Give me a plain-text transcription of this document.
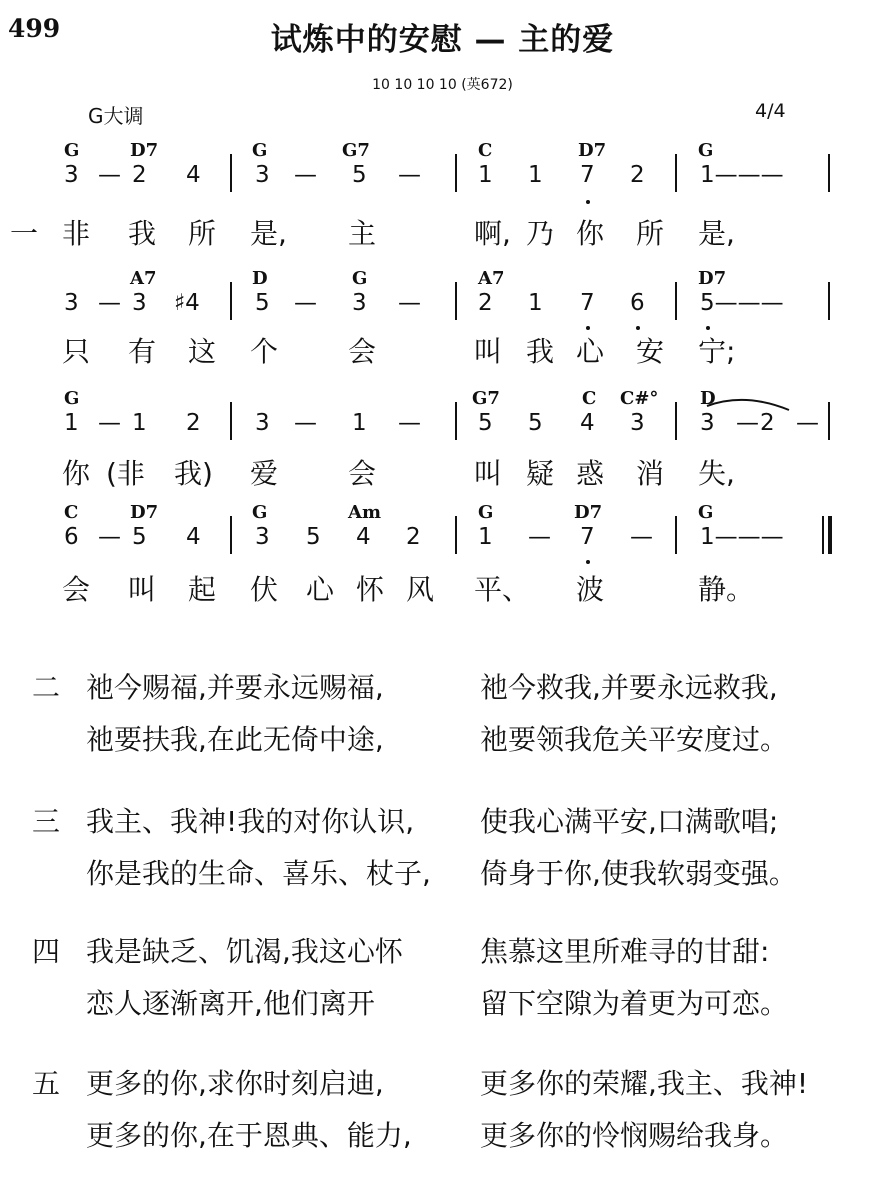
499	试炼中的安慰 — 主的爱
10 10 10 10 (英672)
G大调	4/4
G	D7	G	G7	C	D7	G
3 — 2 4 3 — 5 — 1 1 7 2 1———
一 非 我 所 是, 主	啊, 乃 你 所 是,
A7	D	G	A7	D7
3 — 3 ♯4 5 — 3 — 2 1 7 6 5———
只 有 这 个 会	叫 我 心 安 宁;
G	G7	C C#° D
1 — 1 2 3 — 1 — 5 5 4 3 3 — 2 —
你 (非 我) 爱 会	叫 疑 惑 消 失,
C	D7	G	Am	G	D7	G
6 — 5 4 3 5 4 2 1 — 7 — 1———
会 叫 起 伏 心 怀 风 平、 波	静。
二 祂今赐福,并要永远赐福,	祂今救我,并要永远救我,
祂要扶我,在此无倚中途,	祂要领我危关平安度过。
三 我主、我神!我的对你认识, 使我心满平安,口满歌唱;
你是我的生命、喜乐、杖子, 倚身于你,使我软弱变强。
四 我是缺乏、饥渴,我这心怀	焦慕这里所难寻的甘甜:
恋人逐渐离开,他们离开	留下空隙为着更为可恋。
五 更多的你,求你时刻启迪,	更多你的荣耀,我主、我神!
更多的你,在于恩典、能力, 更多你的怜悯赐给我身。
